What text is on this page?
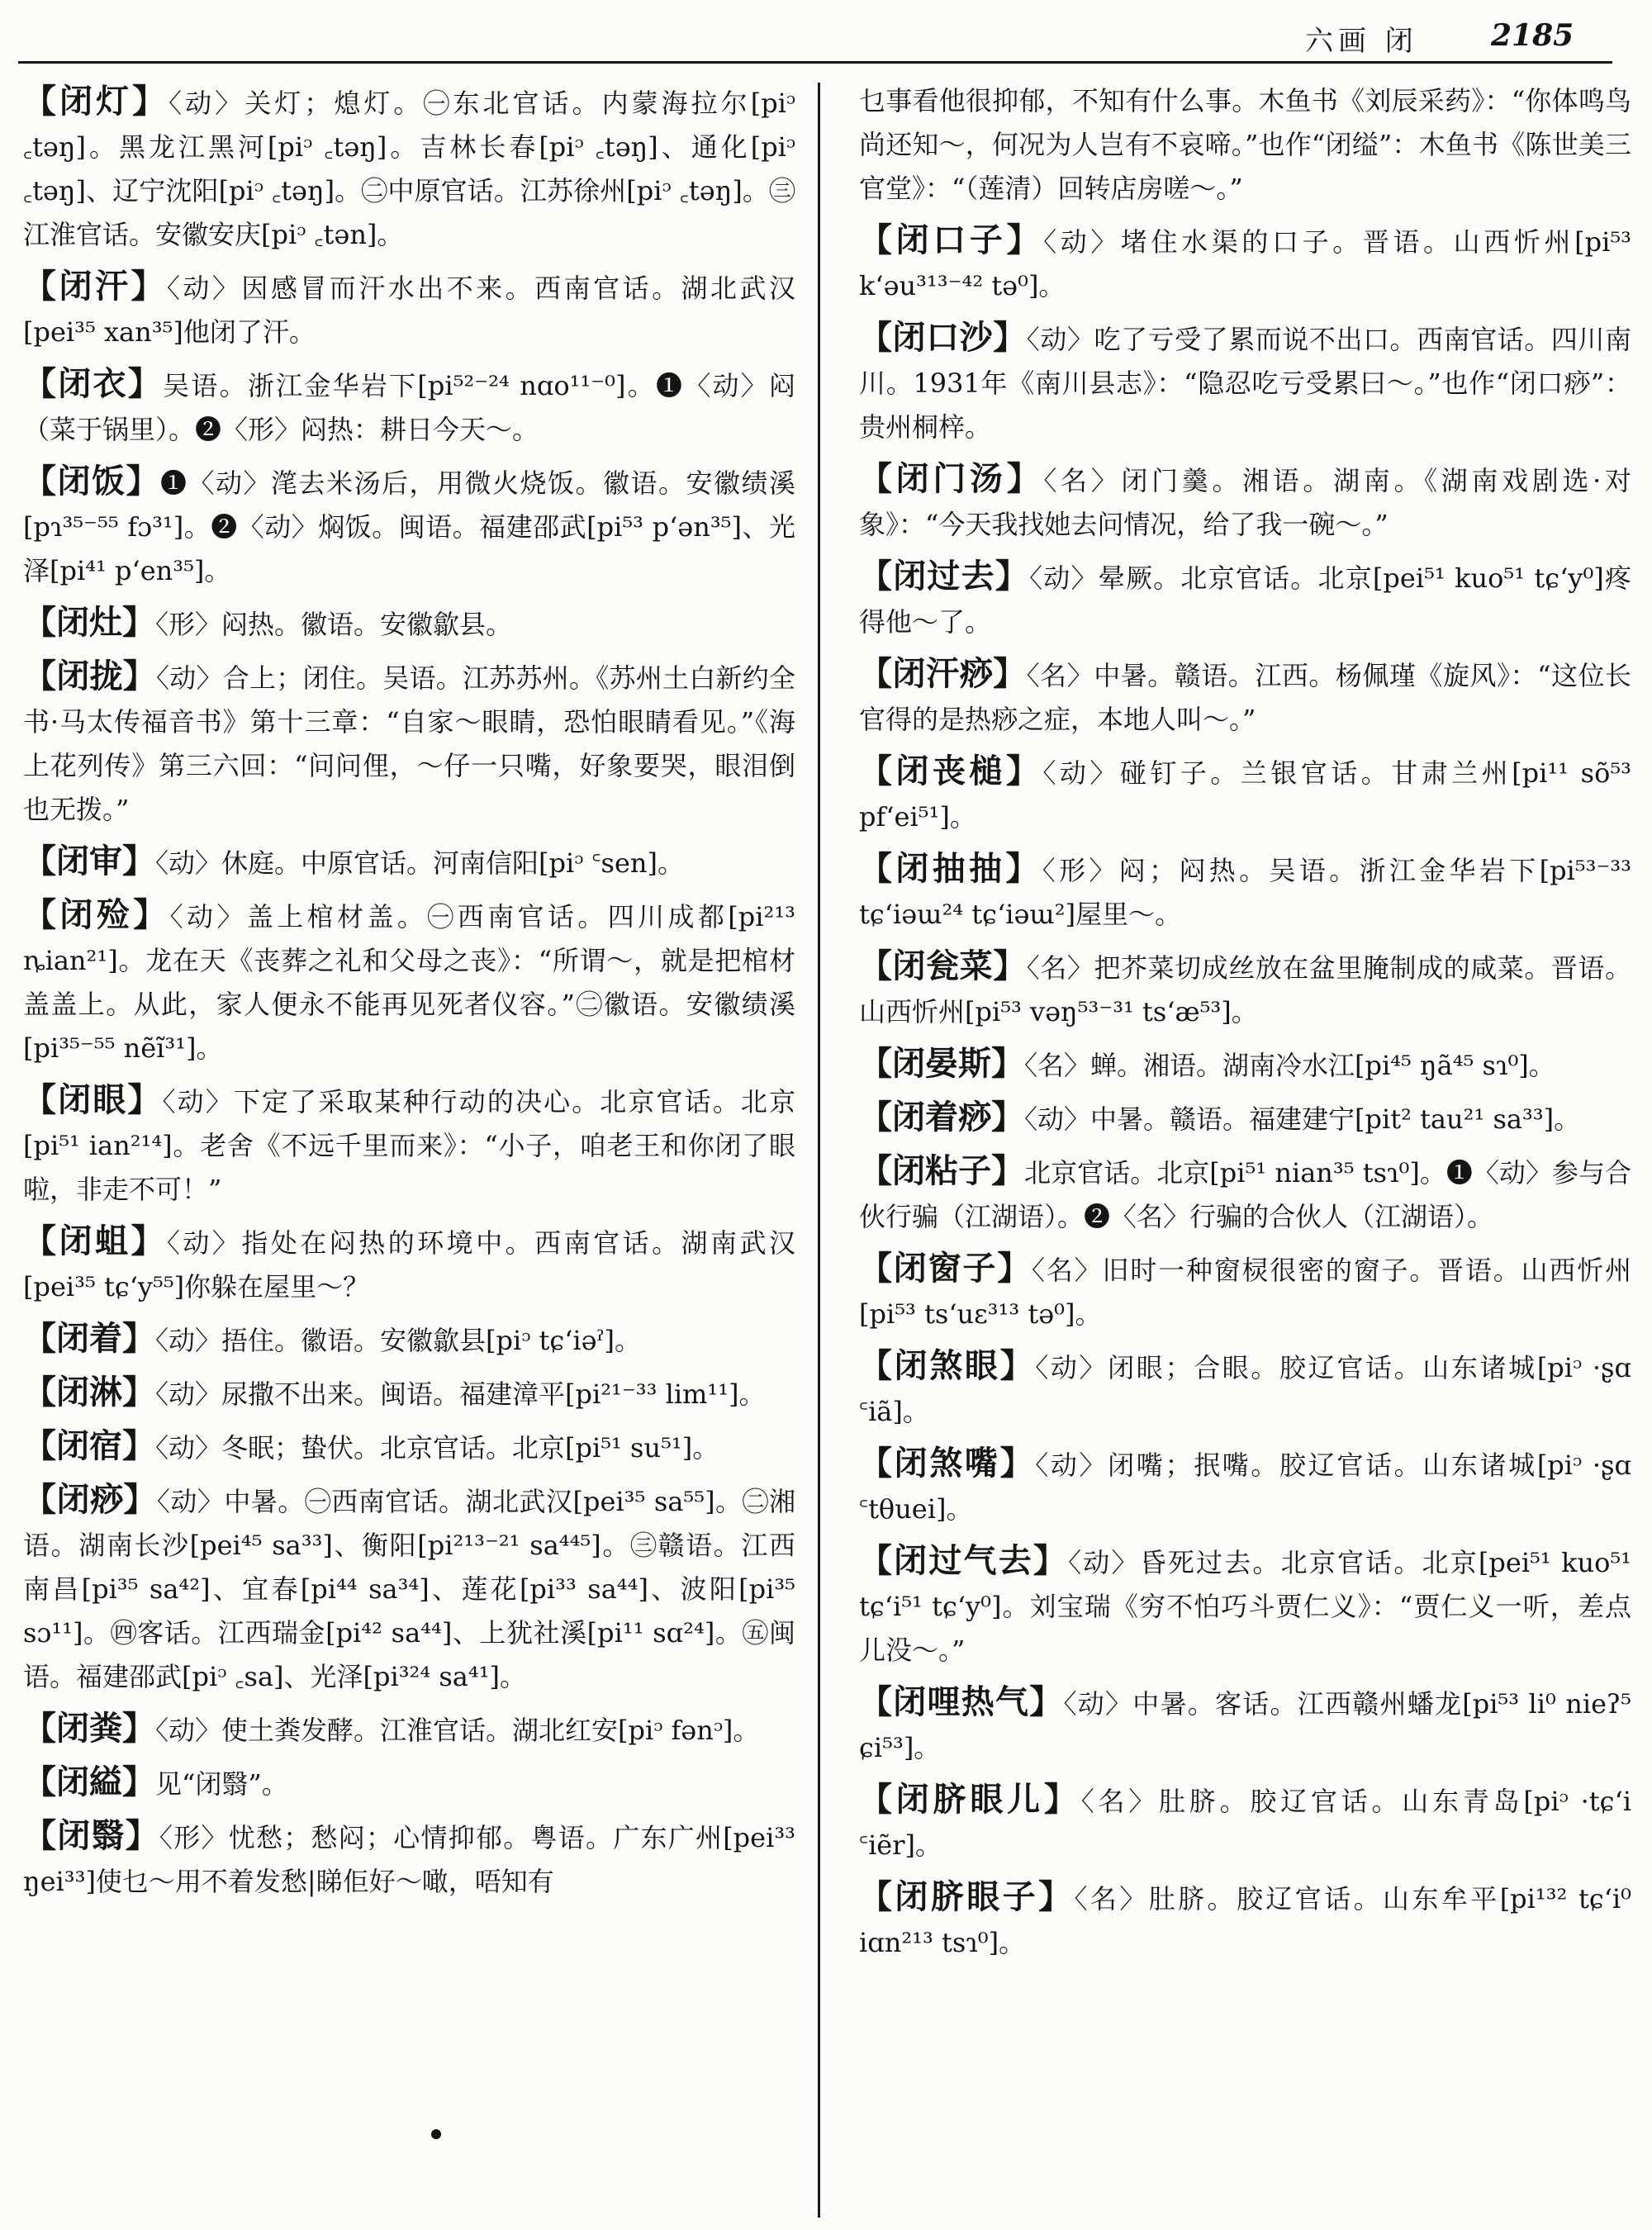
六画 闭 2185

【闭灯】〈动〉关灯；熄灯。㊀东北官话。内蒙海拉尔[piᵓ ꜀təŋ]。黑龙江黑河[piᵓ ꜀təŋ]。吉林长春[piᵓ ꜀təŋ]、通化[piᵓ ꜀təŋ]、辽宁沈阳[piᵓ ꜀təŋ]。㊁中原官话。江苏徐州[piᵓ ꜀təŋ]。㊂江淮官话。安徽安庆[piᵓ ꜀tən]。

【闭汗】〈动〉因感冒而汗水出不来。西南官话。湖北武汉[pei³⁵ xan³⁵]他闭了汗。

【闭衣】吴语。浙江金华岩下[pi⁵²⁻²⁴ nɑo¹¹⁻⁰]。❶〈动〉闷（菜于锅里）。❷〈形〉闷热：耕日今天～。

【闭饭】❶〈动〉滗去米汤后，用微火烧饭。徽语。安徽绩溪[pɿ³⁵⁻⁵⁵ fɔ³¹]。❷〈动〉焖饭。闽语。福建邵武[pi⁵³ p‘ən³⁵]、光泽[pi⁴¹ p‘en³⁵]。

【闭灶】〈形〉闷热。徽语。安徽歙县。

【闭拢】〈动〉合上；闭住。吴语。江苏苏州。《苏州土白新约全书·马太传福音书》第十三章：“自家～眼睛，恐怕眼睛看见。”《海上花列传》第三六回：“问问俚，～仔一只嘴，好象要哭，眼泪倒也无拨。”

【闭审】〈动〉休庭。中原官话。河南信阳[piᵓ ꜂sen]。

【闭殓】〈动〉盖上棺材盖。㊀西南官话。四川成都[pi²¹³ ȵian²¹]。龙在天《丧葬之礼和父母之丧》：“所谓～，就是把棺材盖盖上。从此，家人便永不能再见死者仪容。”㊁徽语。安徽绩溪[pi³⁵⁻⁵⁵ nẽĩ³¹]。

【闭眼】〈动〉下定了采取某种行动的决心。北京官话。北京[pi⁵¹ ian²¹⁴]。老舍《不远千里而来》：“小子，咱老王和你闭了眼啦，非走不可！”

【闭蛆】〈动〉指处在闷热的环境中。西南官话。湖南武汉[pei³⁵ tɕ‘y⁵⁵]你躲在屋里～？

【闭着】〈动〉捂住。徽语。安徽歙县[piᵓ tɕ‘iəˀ]。

【闭淋】〈动〉尿撒不出来。闽语。福建漳平[pi²¹⁻³³ lim¹¹]。

【闭宿】〈动〉冬眠；蛰伏。北京官话。北京[pi⁵¹ su⁵¹]。

【闭痧】〈动〉中暑。㊀西南官话。湖北武汉[pei³⁵ sa⁵⁵]。㊁湘语。湖南长沙[pei⁴⁵ sa³³]、衡阳[pi²¹³⁻²¹ sa⁴⁴⁵]。㊂赣语。江西南昌[pi³⁵ sa⁴²]、宜春[pi⁴⁴ sa³⁴]、莲花[pi³³ sa⁴⁴]、波阳[pi³⁵ sɔ¹¹]。㊃客话。江西瑞金[pi⁴² sa⁴⁴]、上犹社溪[pi¹¹ sɑ²⁴]。㊄闽语。福建邵武[piᵓ ꜀sa]、光泽[pi³²⁴ sa⁴¹]。

【闭粪】〈动〉使土粪发酵。江淮官话。湖北红安[piᵓ fənᵓ]。

【闭縊】见“闭翳”。

【闭翳】〈形〉忧愁；愁闷；心情抑郁。粤语。广东广州[pei³³ ŋei³³]使乜～用不着发愁|睇佢好～噉，唔知有

乜事看他很抑郁，不知有什么事。木鱼书《刘辰采药》：“你体鸣鸟尚还知～，何况为人岂有不哀啼。”也作“闭缢”：木鱼书《陈世美三官堂》：“（莲清）回转店房嗟～。”

【闭口子】〈动〉堵住水渠的口子。晋语。山西忻州[pi⁵³ k‘əu³¹³⁻⁴² tə⁰]。

【闭口沙】〈动〉吃了亏受了累而说不出口。西南官话。四川南川。1931年《南川县志》：“隐忍吃亏受累曰～。”也作“闭口痧”：贵州桐梓。

【闭门汤】〈名〉闭门羹。湘语。湖南。《湖南戏剧选·对象》：“今天我找她去问情况，给了我一碗～。”

【闭过去】〈动〉晕厥。北京官话。北京[pei⁵¹ kuo⁵¹ tɕ‘y⁰]疼得他～了。

【闭汗痧】〈名〉中暑。赣语。江西。杨佩瑾《旋风》：“这位长官得的是热痧之症，本地人叫～。”

【闭丧槌】〈动〉碰钉子。兰银官话。甘肃兰州[pi¹¹ sõ⁵³ pf‘ei⁵¹]。

【闭抽抽】〈形〉闷；闷热。吴语。浙江金华岩下[pi⁵³⁻³³ tɕ‘iəɯ²⁴ tɕ‘iəɯ²]屋里～。

【闭瓮菜】〈名〉把芥菜切成丝放在盆里腌制成的咸菜。晋语。山西忻州[pi⁵³ vəŋ⁵³⁻³¹ ts‘æ⁵³]。

【闭晏斯】〈名〉蝉。湘语。湖南冷水江[pi⁴⁵ ŋã⁴⁵ sɿ⁰]。

【闭着痧】〈动〉中暑。赣语。福建建宁[pit² tau²¹ sa³³]。

【闭粘子】北京官话。北京[pi⁵¹ nian³⁵ tsɿ⁰]。❶〈动〉参与合伙行骗（江湖语）。❷〈名〉行骗的合伙人（江湖语）。

【闭窗子】〈名〉旧时一种窗棂很密的窗子。晋语。山西忻州[pi⁵³ ts‘uɛ³¹³ tə⁰]。

【闭煞眼】〈动〉闭眼；合眼。胶辽官话。山东诸城[piᵓ ·ʂɑ ꜂iã]。

【闭煞嘴】〈动〉闭嘴；抿嘴。胶辽官话。山东诸城[piᵓ ·ʂɑ ꜂tθuei]。

【闭过气去】〈动〉昏死过去。北京官话。北京[pei⁵¹ kuo⁵¹ tɕ‘i⁵¹ tɕ‘y⁰]。刘宝瑞《穷不怕巧斗贾仁义》：“贾仁义一听，差点儿没～。”

【闭哩热气】〈动〉中暑。客话。江西赣州蟠龙[pi⁵³ li⁰ nieʔ⁵ ɕi⁵³]。

【闭脐眼儿】〈名〉肚脐。胶辽官话。山东青岛[piᵓ ·tɕ‘i ꜂iẽr]。

【闭脐眼子】〈名〉肚脐。胶辽官话。山东牟平[pi¹³² tɕ‘i⁰ iɑn²¹³ tsɿ⁰]。
